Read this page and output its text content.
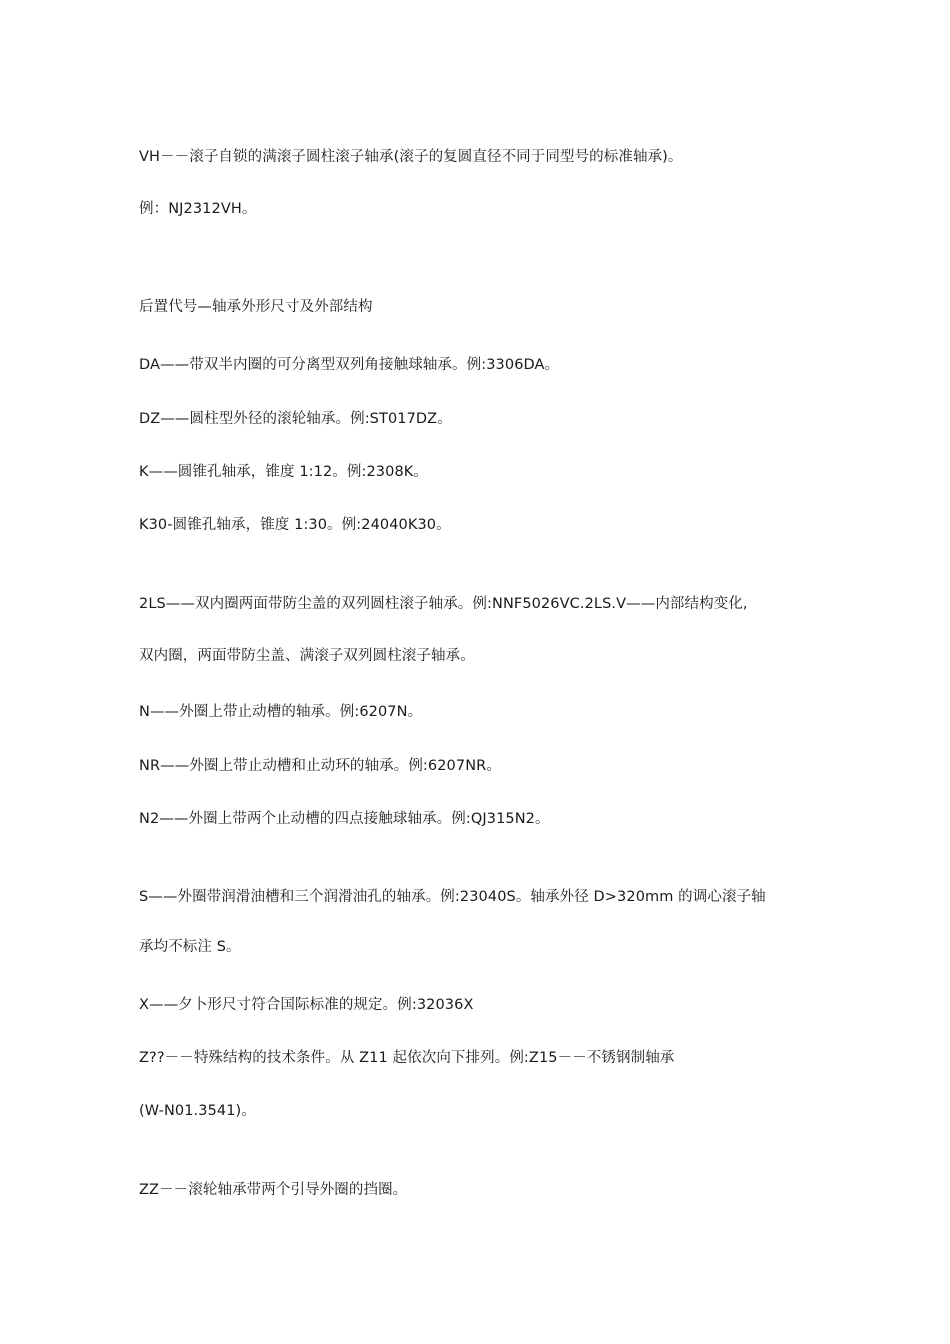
VH－－滚子自锁的满滚子圆柱滚子轴承(滚子的复圆直径不同于同型号的标准轴承)。

例：NJ2312VH。

后置代号—轴承外形尺寸及外部结构

DA——带双半内圈的可分离型双列角接触球轴承。例:3306DA。

DZ——圆柱型外径的滚轮轴承。例:ST017DZ。

K——圆锥孔轴承，锥度 1:12。例:2308K。

K30-圆锥孔轴承，锥度 1:30。例:24040K30。

2LS——双内圈两面带防尘盖的双列圆柱滚子轴承。例:NNF5026VC.2LS.V——内部结构变化,

双内圈，两面带防尘盖、满滚子双列圆柱滚子轴承。

N——外圈上带止动槽的轴承。例:6207N。

NR——外圈上带止动槽和止动环的轴承。例:6207NR。

N2——外圈上带两个止动槽的四点接触球轴承。例:QJ315N2。

S——外圈带润滑油槽和三个润滑油孔的轴承。例:23040S。轴承外径 D>320mm 的调心滚子轴

承均不标注 S。

X——夕卜形尺寸符合国际标准的规定。例:32036X

Z??－－特殊结构的技术条件。从 Z11 起依次向下排列。例:Z15－－不锈钢制轴承

(W-N01.3541)。

ZZ－－滚轮轴承带两个引导外圈的挡圈。
